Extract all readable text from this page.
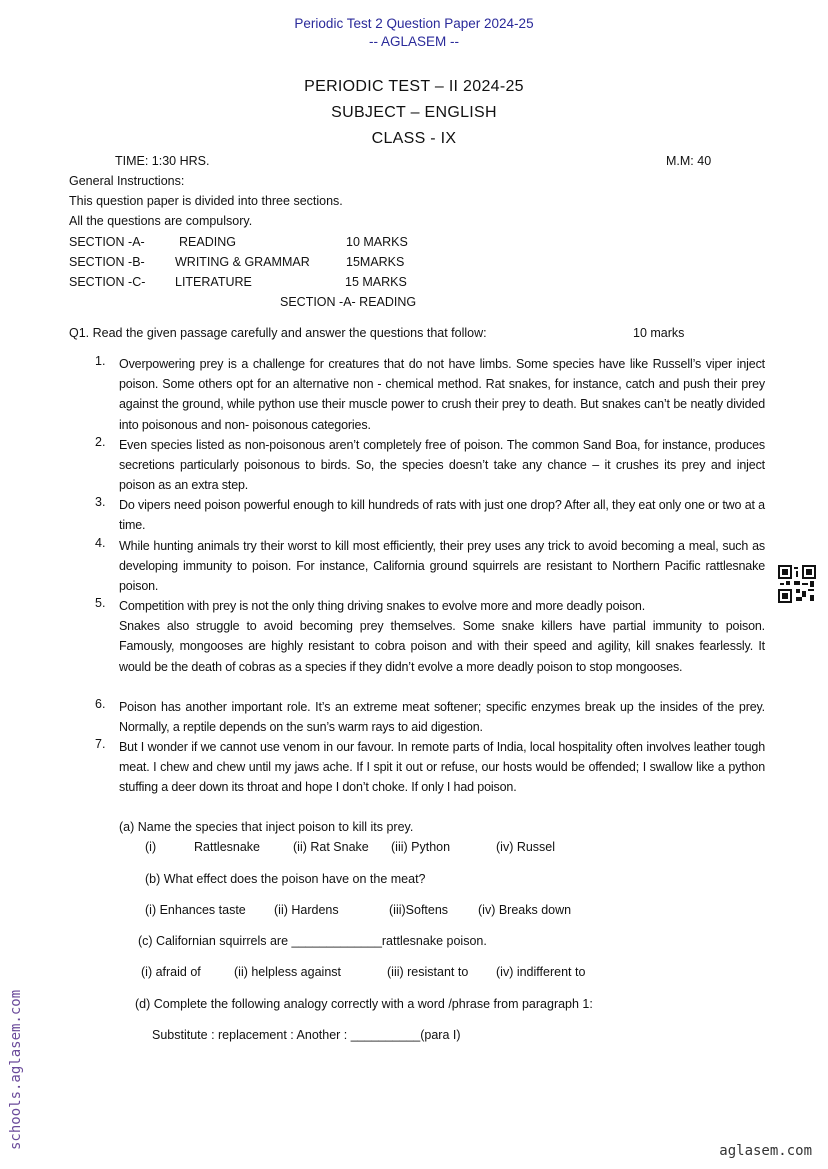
Periodic Test 2 Question Paper 2024-25
-- AGLASEM --
PERIODIC TEST – II 2024-25
SUBJECT – ENGLISH
CLASS - IX
TIME: 1:30 HRS.	M.M: 40
General Instructions:
This question paper is divided into three sections.
All the questions are compulsory.
SECTION -A-	READING	10 MARKS
SECTION -B- WRITING & GRAMMAR	15MARKS
SECTION -C- LITERATURE	15 MARKS
SECTION -A- READING
Q1. Read the given passage carefully and answer the questions that follow:	10 marks
1. Overpowering prey is a challenge for creatures that do not have limbs. Some species have like Russell’s viper inject poison. Some others opt for an alternative non - chemical method. Rat snakes, for instance, catch and push their prey against the ground, while python use their muscle power to crush their prey to death. But snakes can’t be neatly divided into poisonous and non- poisonous categories.
2. Even species listed as non-poisonous aren’t completely free of poison. The common Sand Boa, for instance, produces secretions particularly poisonous to birds. So, the species doesn’t take any chance – it crushes its prey and inject poison as an extra step.
3. Do vipers need poison powerful enough to kill hundreds of rats with just one drop? After all, they eat only one or two at a time.
4. While hunting animals try their worst to kill most efficiently, their prey uses any trick to avoid becoming a meal, such as developing immunity to poison. For instance, California ground squirrels are resistant to Northern Pacific rattlesnake poison.
5. Competition with prey is not the only thing driving snakes to evolve more and more deadly poison.
Snakes also struggle to avoid becoming prey themselves. Some snake killers have partial immunity to poison. Famously, mongooses are highly resistant to cobra poison and with their speed and agility, kill snakes fearlessly. It would be the death of cobras as a species if they didn’t evolve a more deadly poison to stop mongooses.
6. Poison has another important role. It’s an extreme meat softener; specific enzymes break up the insides of the prey. Normally, a reptile depends on the sun’s warm rays to aid digestion.
7. But I wonder if we cannot use venom in our favour. In remote parts of India, local hospitality often involves leather tough meat. I chew and chew until my jaws ache. If I spit it out or refuse, our hosts would be offended; I swallow like a python stuffing a deer down its throat and hope I don’t choke. If only I had poison.
(a) Name the species that inject poison to kill its prey.
(i)	Rattlesnake	(ii) Rat Snake (iii) Python	(iv) Russel
(b) What effect does the poison have on the meat?
(i) Enhances taste (ii) Hardens	(iii)Softens (iv) Breaks down
(c) Californian squirrels are _____________rattlesnake poison.
(i) afraid of	(ii) helpless against	(iii) resistant to (iv) indifferent to
(d) Complete the following analogy correctly with a word /phrase from paragraph 1:
Substitute : replacement : Another : __________(para I)
schools.aglasem.com
aglasem.com
